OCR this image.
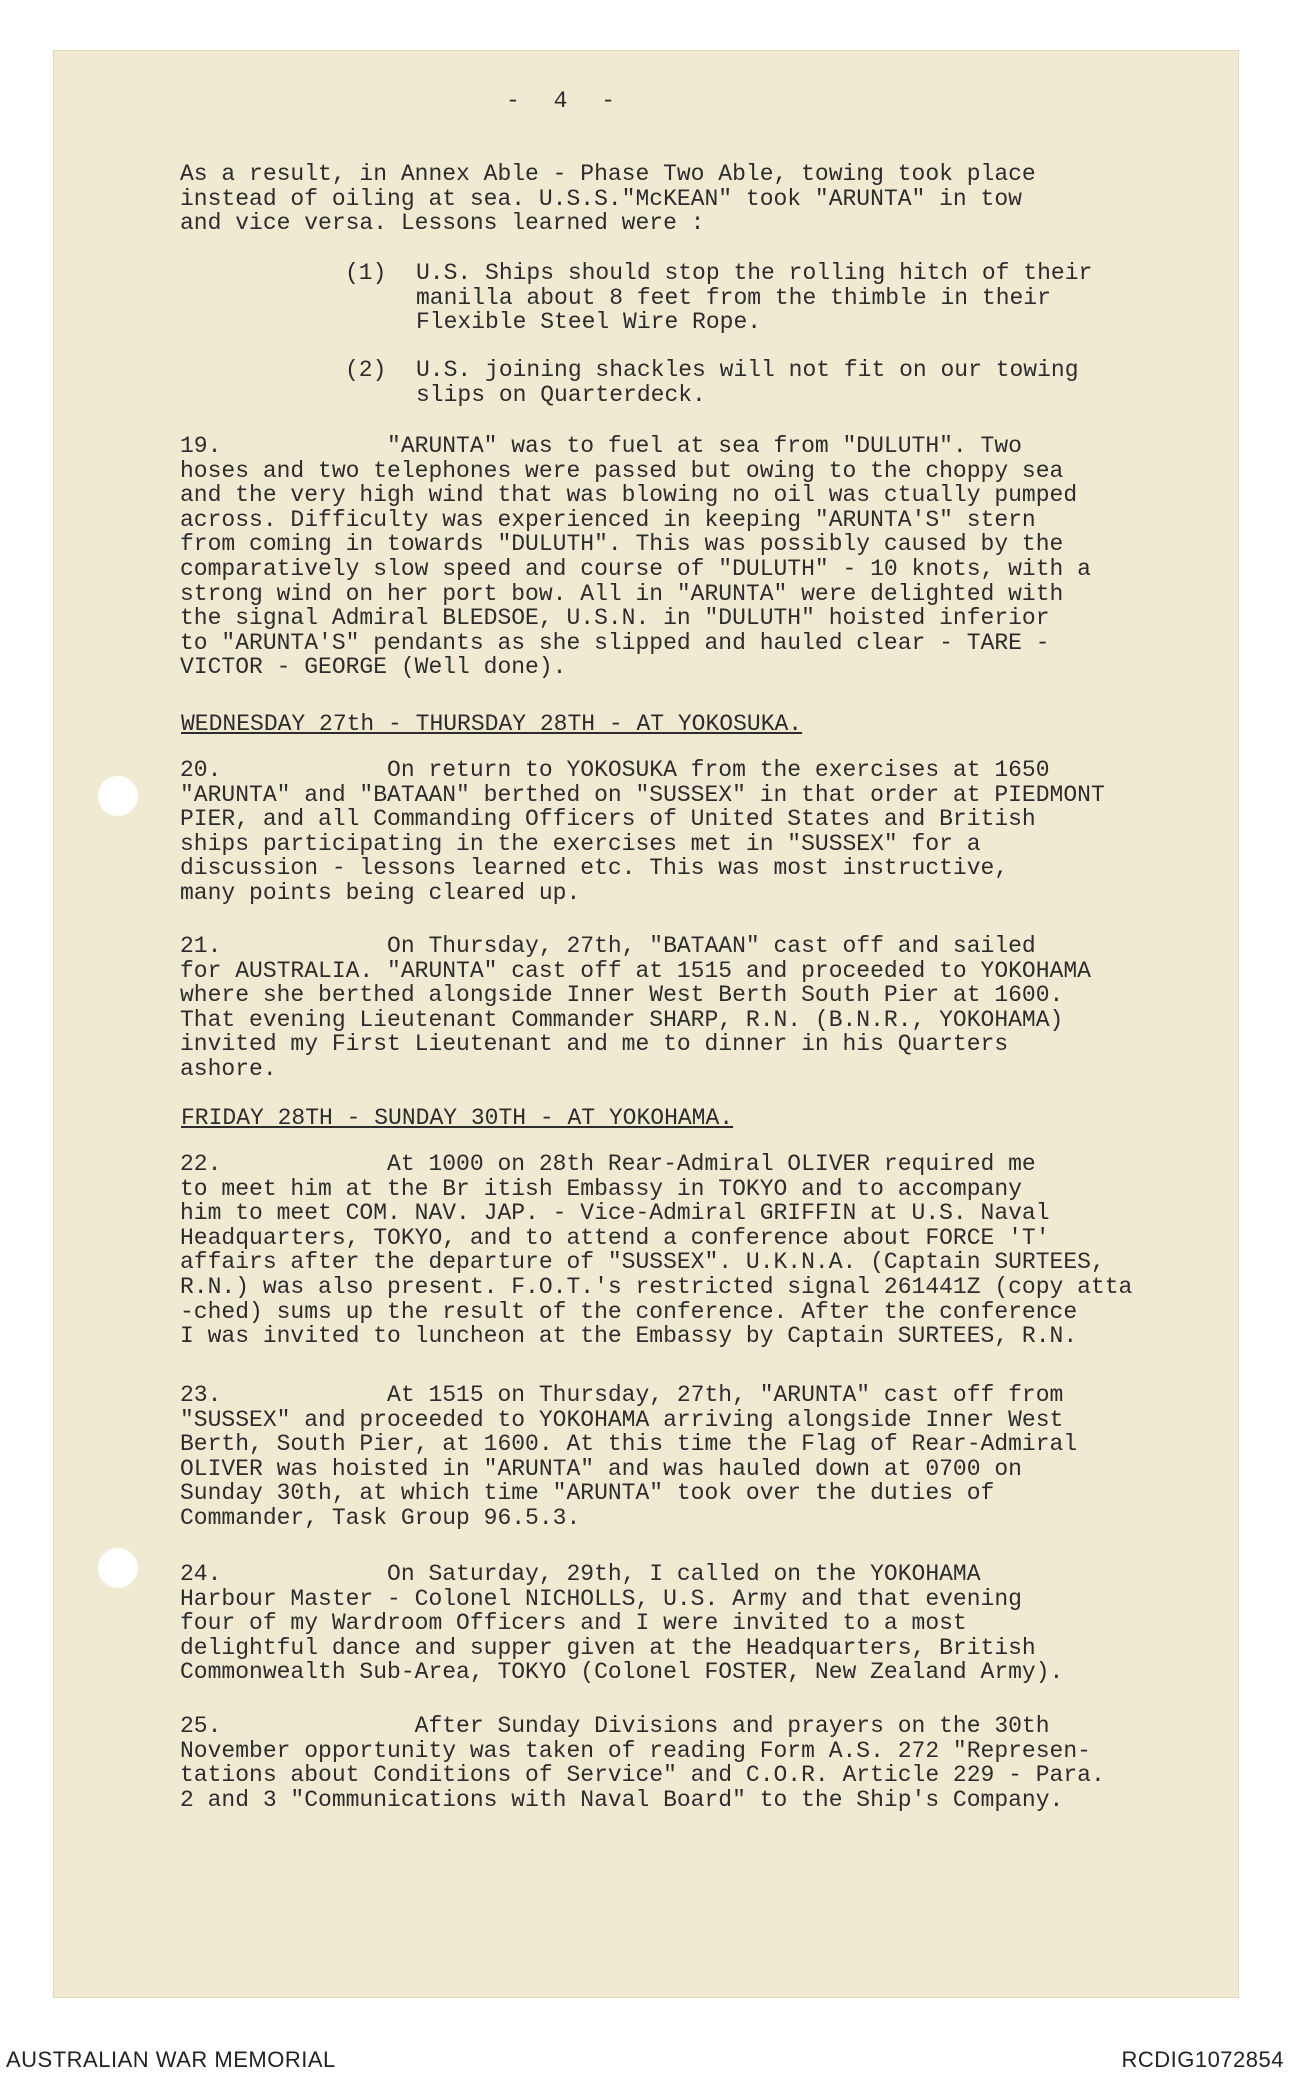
- 4 -
As a result, in Annex Able - Phase Two Able, towing took place
instead of oiling at sea. U.S.S."McKEAN" took "ARUNTA" in tow
and vice versa. Lessons learned were :
(1)	U.S. Ships should stop the rolling hitch of their
manilla about 8 feet from the thimble in their
Flexible Steel Wire Rope.
(2)	U.S. joining shackles will not fit on our towing
slips on Quarterdeck.
19.            "ARUNTA" was to fuel at sea from "DULUTH". Two
hoses and two telephones were passed but owing to the choppy sea
and the very high wind that was blowing no oil was ctually pumped
across. Difficulty was experienced in keeping "ARUNTA'S" stern
from coming in towards "DULUTH". This was possibly caused by the
comparatively slow speed and course of "DULUTH" - 10 knots, with a
strong wind on her port bow. All in "ARUNTA" were delighted with
the signal Admiral BLEDSOE, U.S.N. in "DULUTH" hoisted inferior
to "ARUNTA'S" pendants as she slipped and hauled clear - TARE -
VICTOR - GEORGE (Well done).
WEDNESDAY 27th - THURSDAY 28TH - AT YOKOSUKA.
20.            On return to YOKOSUKA from the exercises at 1650
"ARUNTA" and "BATAAN" berthed on "SUSSEX" in that order at PIEDMONT
PIER, and all Commanding Officers of United States and British
ships participating in the exercises met in "SUSSEX" for a
discussion - lessons learned etc. This was most instructive,
many points being cleared up.
21.            On Thursday, 27th, "BATAAN" cast off and sailed
for AUSTRALIA. "ARUNTA" cast off at 1515 and proceeded to YOKOHAMA
where she berthed alongside Inner West Berth South Pier at 1600.
That evening Lieutenant Commander SHARP, R.N. (B.N.R., YOKOHAMA)
invited my First Lieutenant and me to dinner in his Quarters
ashore.
FRIDAY 28TH - SUNDAY 30TH - AT YOKOHAMA.
22.            At 1000 on 28th Rear-Admiral OLIVER required me
to meet him at the Br itish Embassy in TOKYO and to accompany
him to meet COM. NAV. JAP. - Vice-Admiral GRIFFIN at U.S. Naval
Headquarters, TOKYO, and to attend a conference about FORCE 'T'
affairs after the departure of "SUSSEX". U.K.N.A. (Captain SURTEES,
R.N.) was also present. F.O.T.'s restricted signal 261441Z (copy atta
-ched) sums up the result of the conference. After the conference
I was invited to luncheon at the Embassy by Captain SURTEES, R.N.
23.            At 1515 on Thursday, 27th, "ARUNTA" cast off from
"SUSSEX" and proceeded to YOKOHAMA arriving alongside Inner West
Berth, South Pier, at 1600. At this time the Flag of Rear-Admiral
OLIVER was hoisted in "ARUNTA" and was hauled down at 0700 on
Sunday 30th, at which time "ARUNTA" took over the duties of
Commander, Task Group 96.5.3.
24.            On Saturday, 29th, I called on the YOKOHAMA
Harbour Master - Colonel NICHOLLS, U.S. Army and that evening
four of my Wardroom Officers and I were invited to a most
delightful dance and supper given at the Headquarters, British
Commonwealth Sub-Area, TOKYO (Colonel FOSTER, New Zealand Army).
25.              After Sunday Divisions and prayers on the 30th
November opportunity was taken of reading Form A.S. 272 "Represen-
tations about Conditions of Service" and C.O.R. Article 229 - Para.
2 and 3 "Communications with Naval Board" to the Ship's Company.
AUSTRALIAN WAR MEMORIAL	RCDIG1072854
